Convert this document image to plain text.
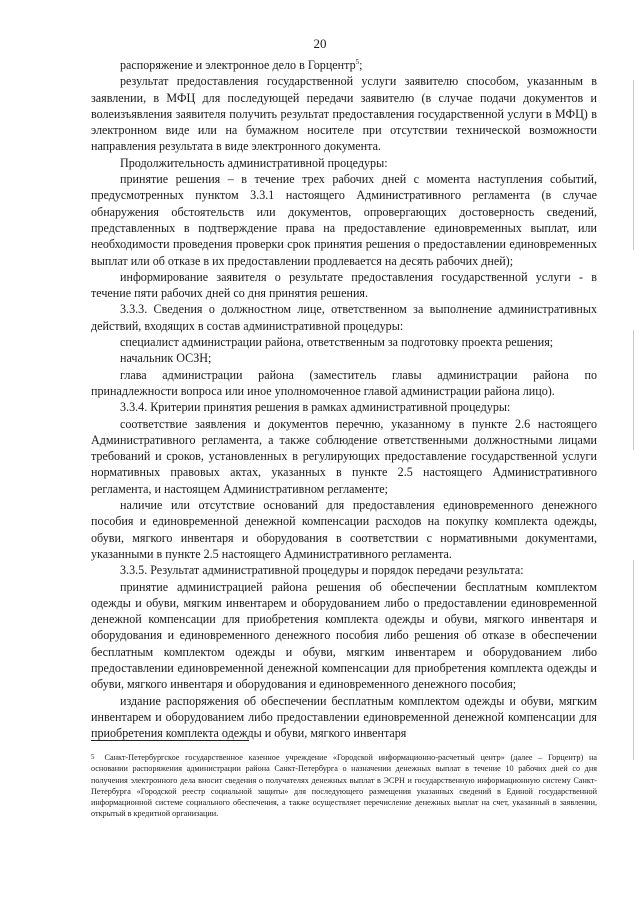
20

распоряжение и электронное дело в Горцентр$^5$;

результат предоставления государственной услуги заявителю способом, указанным в заявлении, в МФЦ для последующей передачи заявителю (в случае подачи документов и волеизъявления заявителя получить результат предоставления государственной услуги в МФЦ) в электронном виде или на бумажном носителе при отсутствии технической возможности направления результата в виде электронного документа.

Продолжительность административной процедуры:

принятие решения – в течение трех рабочих дней с момента наступления событий, предусмотренных пунктом 3.3.1 настоящего Административного регламента (в случае обнаружения обстоятельств или документов, опровергающих достоверность сведений, представленных в подтверждение права на предоставление единовременных выплат, или необходимости проведения проверки срок принятия решения о предоставлении единовременных выплат или об отказе в их предоставлении продлевается на десять рабочих дней);

информирование заявителя о результате предоставления государственной услуги - в течение пяти рабочих дней со дня принятия решения.

3.3.3. Сведения о должностном лице, ответственном за выполнение административных действий, входящих в состав административной процедуры:

специалист администрации района, ответственным за подготовку проекта решения;

начальник ОСЗН;

глава администрации района (заместитель главы администрации района по принадлежности вопроса или иное уполномоченное главой администрации района лицо).

3.3.4. Критерии принятия решения в рамках административной процедуры:

соответствие заявления и документов перечню, указанному в пункте 2.6 настоящего Административного регламента, а также соблюдение ответственными должностными лицами требований и сроков, установленных в регулирующих предоставление государственной услуги нормативных правовых актах, указанных в пункте 2.5 настоящего Административного регламента, и настоящем Административном регламенте;

наличие или отсутствие оснований для предоставления единовременного денежного пособия и единовременной денежной компенсации расходов на покупку комплекта одежды, обуви, мягкого инвентаря и оборудования в соответствии с нормативными документами, указанными в пункте 2.5 настоящего Административного регламента.

3.3.5. Результат административной процедуры и порядок передачи результата:

принятие администрацией района решения об обеспечении бесплатным комплектом одежды и обуви, мягким инвентарем и оборудованием либо о предоставлении единовременной денежной компенсации для приобретения комплекта одежды и обуви, мягкого инвентаря и оборудования и единовременного денежного пособия либо решения об отказе в обеспечении бесплатным комплектом одежды и обуви, мягким инвентарем и оборудованием либо предоставлении единовременной денежной компенсации для приобретения комплекта одежды и обуви, мягкого инвентаря и оборудования и единовременного денежного пособия;

издание распоряжения об обеспечении бесплатным комплектом одежды и обуви, мягким инвентарем и оборудованием либо предоставлении единовременной денежной компенсации для приобретения комплекта одежды и обуви, мягкого инвентаря

5 Санкт-Петербургское государственное казенное учреждение «Городской информационно-расчетный центр» (далее – Горцентр) на основании распоряжения администрации района Санкт-Петербурга о назначении денежных выплат в течение 10 рабочих дней со дня получения электронного дела вносит сведения о получателях денежных выплат в ЭСРН и государственную информационную систему Санкт-Петербурга «Городской реестр социальной защиты» для последующего размещения указанных сведений в Единой государственной информационной системе социального обеспечения, а также осуществляет перечисление денежных выплат на счет, указанный в заявлении, открытый в кредитной организации.
